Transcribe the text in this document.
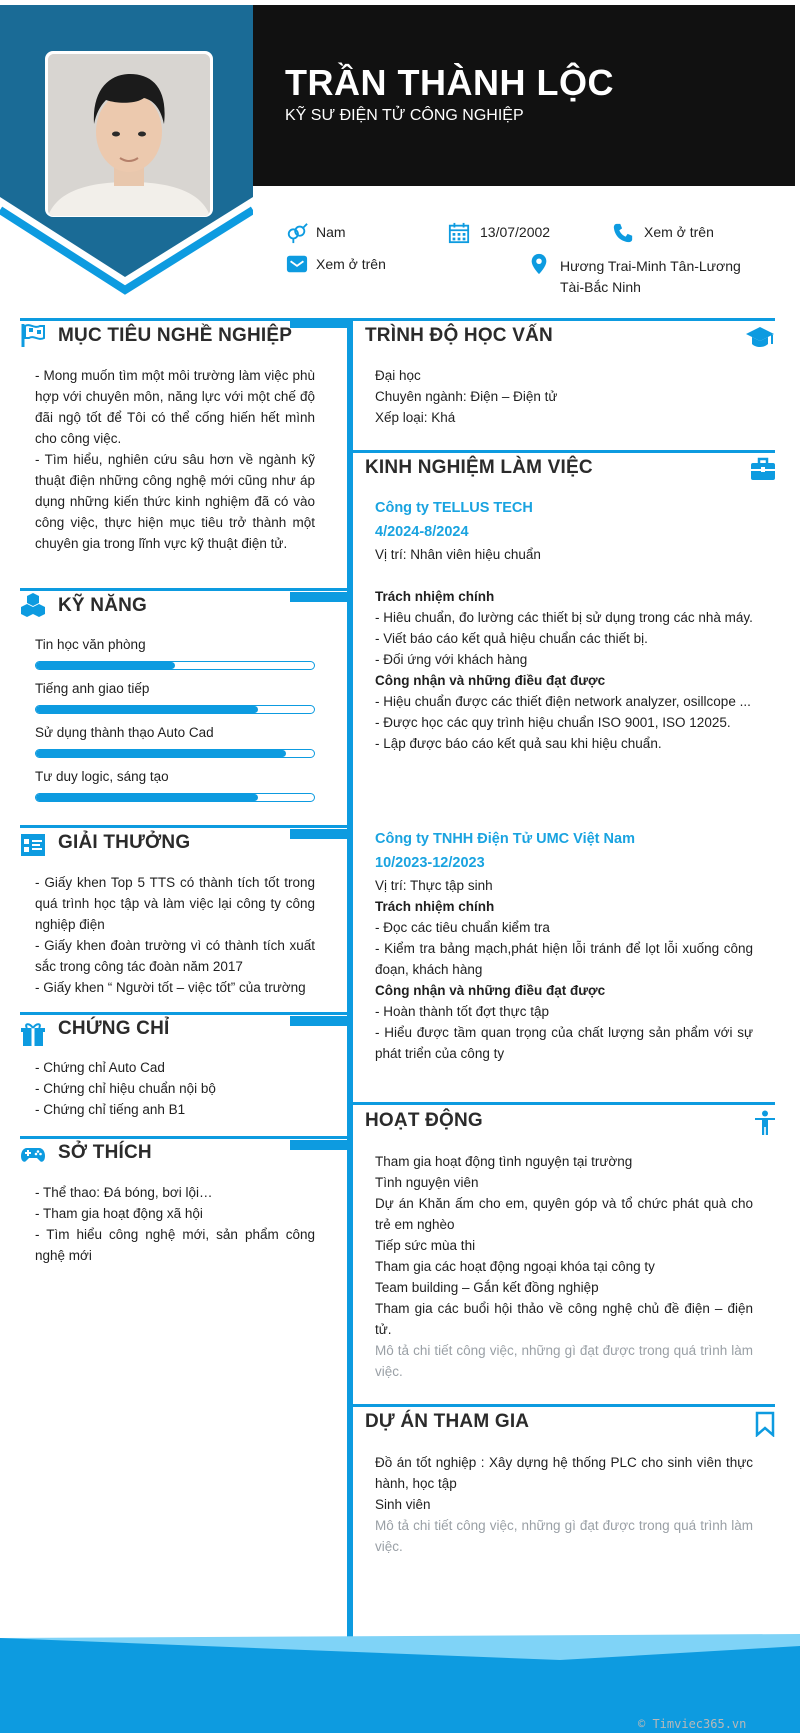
TRẦN THÀNH LỘC
KỸ SƯ ĐIỆN TỬ CÔNG NGHIỆP
Nam	13/07/2002	Xem ở trên
Xem ở trên	Hương Trai-Minh Tân-Lương
Tài-Bắc Ninh
MỤC TIÊU NGHỀ NGHIỆP

- Mong muốn tìm một môi trường làm việc phù hợp với chuyên môn, năng lực với một chế độ đãi ngộ tốt để Tôi có thể cống hiến hết mình cho công việc.

- Tìm hiểu, nghiên cứu sâu hơn về ngành kỹ thuật điện những công nghệ mới cũng như áp dụng những kiến thức kinh nghiệm đã có vào công việc, thực hiện mục tiêu trở thành một chuyên gia trong lĩnh vực kỹ thuật điện tử.

KỸ NĂNG
Tin học văn phòng
Tiếng anh giao tiếp
Sử dụng thành thạo Auto Cad
Tư duy logic, sáng tạo
GIẢI THƯỞNG

- Giấy khen Top 5 TTS có thành tích tốt trong quá trình học tập và làm việc lại công ty công nghiệp điện

- Giấy khen đoàn trường vì có thành tích xuất sắc trong công tác đoàn năm 2017

- Giấy khen “ Người tốt – việc tốt” của trường

CHỨNG CHỈ

- Chứng chỉ Auto Cad

- Chứng chỉ hiệu chuẩn nội bộ

- Chứng chỉ tiếng anh B1

SỞ THÍCH

- Thể thao: Đá bóng, bơi lội…

- Tham gia hoạt động xã hội

- Tìm hiểu công nghệ mới, sản phẩm công nghệ mới

TRÌNH ĐỘ HỌC VẤN

Đại học

Chuyên ngành: Điện – Điện tử

Xếp loại: Khá

KINH NGHIỆM LÀM VIỆC

Công ty TELLUS TECH

4/2024-8/2024

Vị trí: Nhân viên hiệu chuẩn

Trách nhiệm chính

- Hiêu chuẩn, đo lường các thiết bị sử dụng trong các nhà máy.

- Viết báo cáo kết quả hiệu chuẩn các thiết bị.

- Đối ứng với khách hàng

Công nhận và những điều đạt được

- Hiệu chuẩn được các thiết điện network analyzer, osillcope ...

- Được học các quy trình hiệu chuẩn ISO 9001, ISO 12025.

- Lập được báo cáo kết quả sau khi hiệu chuẩn.

Công ty TNHH Điện Tử UMC Việt Nam

10/2023-12/2023

Vị trí: Thực tập sinh

Trách nhiệm chính

- Đọc các tiêu chuẩn kiểm tra

- Kiểm tra bảng mạch,phát hiện lỗi tránh để lọt lỗi xuống công đoạn, khách hàng

Công nhận và những điều đạt được

- Hoàn thành tốt đợt thực tập

- Hiểu được tầm quan trọng của chất lượng sản phẩm với sự phát triển của công ty

HOẠT ĐỘNG

Tham gia hoạt động tình nguyện tại trường

Tình nguyện viên

Dự án Khăn ấm cho em, quyên góp và tổ chức phát quà cho trẻ em nghèo

Tiếp sức mùa thi

Tham gia các hoạt động ngoại khóa tại công ty

Team building – Gắn kết đồng nghiệp

Tham gia các buổi hội thảo về công nghệ chủ đề điện – điện tử.

Mô tả chi tiết công việc, những gì đạt được trong quá trình làm việc.

DỰ ÁN THAM GIA

Đồ án tốt nghiệp : Xây dựng hệ thống PLC cho sinh viên thực hành, học tập

Sinh viên

Mô tả chi tiết công việc, những gì đạt được trong quá trình làm việc.

© Timviec365.vn
